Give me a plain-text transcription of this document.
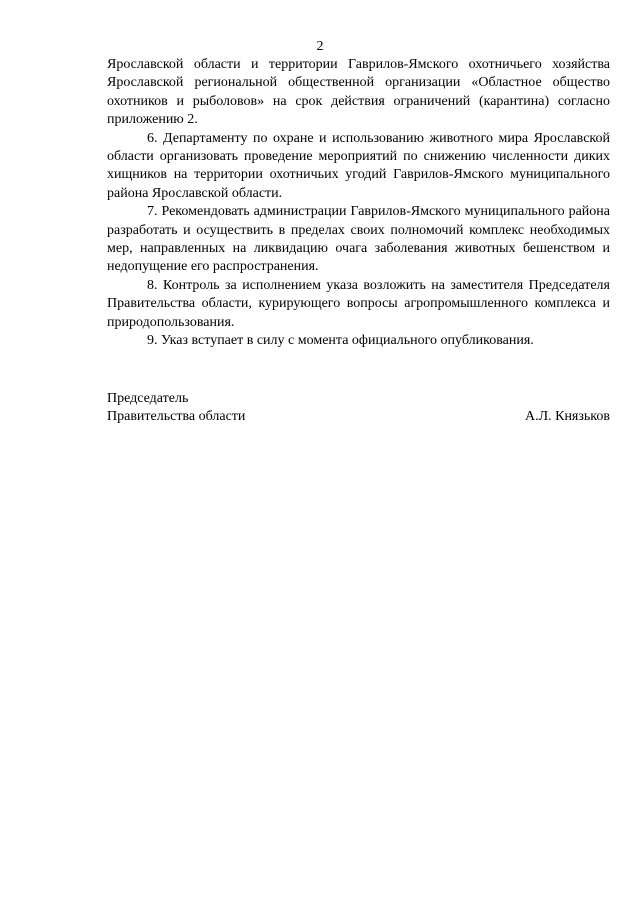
2

Ярославской области и территории Гаврилов-Ямского охотничьего хозяйства Ярославской региональной общественной организации «Областное общество охотников и рыболовов» на срок действия ограничений (карантина) согласно приложению 2.

6. Департаменту по охране и использованию животного мира Ярославской области организовать проведение мероприятий по снижению численности диких хищников на территории охотничьих угодий Гаврилов-Ямского муниципального района Ярославской области.

7. Рекомендовать администрации Гаврилов-Ямского муниципального района разработать и осуществить в пределах своих полномочий комплекс необходимых мер, направленных на ликвидацию очага заболевания животных бешенством и недопущение его распространения.

8. Контроль за исполнением указа возложить на заместителя Председателя Правительства области, курирующего вопросы агропромышленного комплекса и природопользования.

9. Указ вступает в силу с момента официального опубликования.

Председатель
Правительства области	А.Л. Князьков
